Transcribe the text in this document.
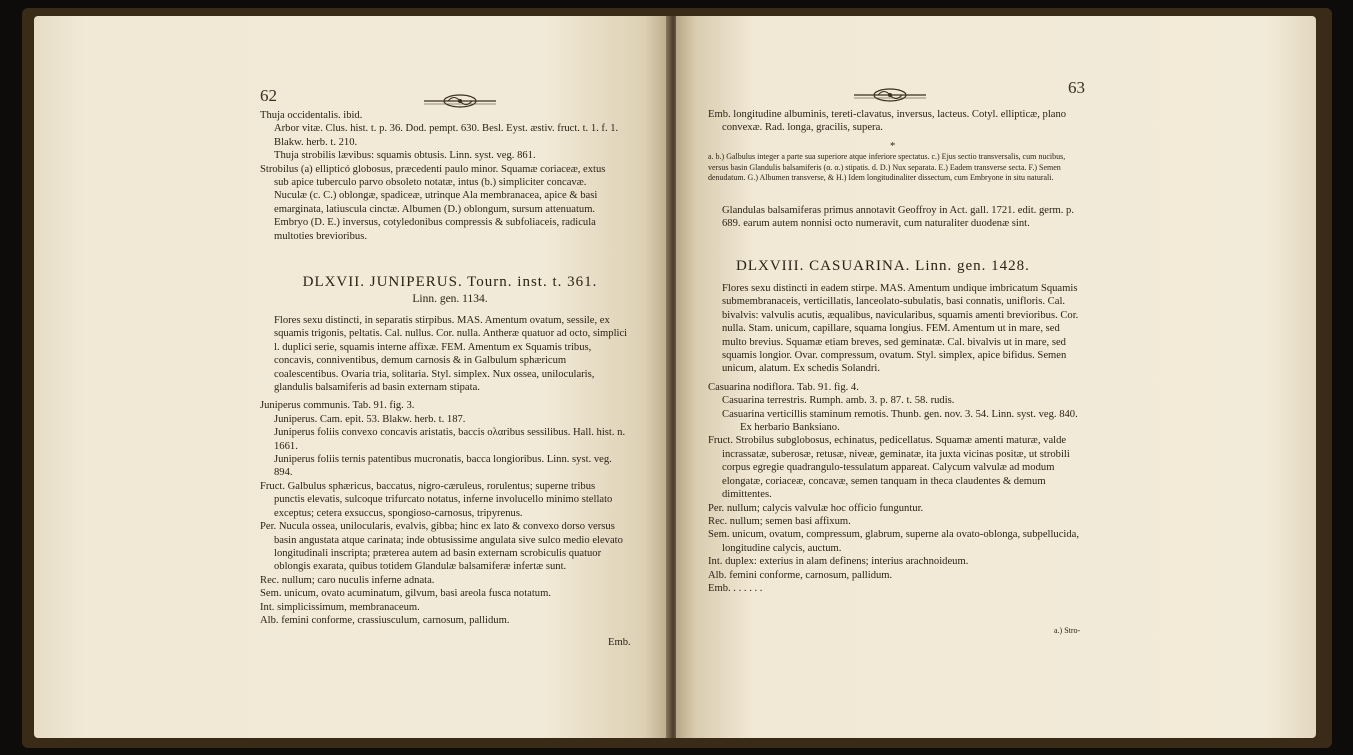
62

Thuja occidentalis. ibid.

Arbor vitæ. Clus. hist. t. p. 36. Dod. pempt. 630. Besl. Eyst. æstiv. fruct. t. 1. f. 1. Blakw. herb. t. 210.

Thuja strobilis lævibus: squamis obtusis. Linn. syst. veg. 861.

Strobilus (a) ellipticó globosus, præcedenti paulo minor. Squamæ coriaceæ, extus sub apice tuberculo parvo obsoleto notatæ, intus (b.) simpliciter concavæ. Nuculæ (c. C.) oblongæ, spadiceæ, utrinque Ala membranacea, apice & basi emarginata, latiuscula cinctæ. Albumen (D.) oblongum, sursum attenuatum. Embryo (D. E.) inversus, cotyledonibus compressis & subfoliaceis, radicula multoties brevioribus.

DLXVII. JUNIPERUS. Tourn. inst. t. 361.
Linn. gen. 1134.

Flores sexu distincti, in separatis stirpibus. MAS. Amentum ovatum, sessile, ex squamis trigonis, peltatis. Cal. nullus. Cor. nulla. Antheræ quatuor ad octo, simplici l. duplici serie, squamis interne affixæ. FEM. Amentum ex Squamis tribus, concavis, conniventibus, demum carnosis & in Galbulum sphæricum coalescentibus. Ovaria tria, solitaria. Styl. simplex. Nux ossea, unilocularis, glandulis balsamiferis ad basin externam stipata.

Juniperus communis. Tab. 91. fig. 3.

Juniperus. Cam. epit. 53. Blakw. herb. t. 187.

Juniperus foliis convexo concavis aristatis, baccis ολαribus sessilibus. Hall. hist. n. 1661.

Juniperus foliis ternis patentibus mucronatis, bacca longioribus. Linn. syst. veg. 894.

Fruct. Galbulus sphæricus, baccatus, nigro-cæruleus, rorulentus; superne tribus punctis elevatis, sulcoque trifurcato notatus, inferne involucello minimo stellato exceptus; cetera exsuccus, spongioso-carnosus, tripyrenus.

Per. Nucula ossea, unilocularis, evalvis, gibba; hinc ex lato & convexo dorso versus basin angustata atque carinata; inde obtusissime angulata sive sulco medio elevato longitudinali inscripta; præterea autem ad basin externam scrobiculis quatuor oblongis exarata, quibus totidem Glandulæ balsamiferæ infertæ sunt.

Rec. nullum; caro nuculis inferne adnata.

Sem. unicum, ovato acuminatum, gilvum, basi areola fusca notatum.

Int. simplicissimum, membranaceum.

Alb. femini conforme, crassiusculum, carnosum, pallidum.

Emb.
63

Emb. longitudine albuminis, tereti-clavatus, inversus, lacteus. Cotyl. ellipticæ, plano convexæ. Rad. longa, gracilis, supera.

*
a. b.) Galbulus integer a parte sua superiore atque inferiore spectatus. c.) Ejus sectio transversalis, cum nucibus, versus basin Glandulis balsamiferis (α. α.) stipatis. d. D.) Nux separata. E.) Eadem transverse secta. F.) Semen denudatum. G.) Albumen transverse, & H.) Idem longitudinaliter dissectum, cum Embryone in situ naturali.

Glandulas balsamiferas primus annotavit Geoffroy in Act. gall. 1721. edit. germ. p. 689. earum autem nonnisi octo numeravit, cum naturaliter duodenæ sint.

DLXVIII. CASUARINA. Linn. gen. 1428.

Flores sexu distincti in eadem stirpe. MAS. Amentum undique imbricatum Squamis submembranaceis, verticillatis, lanceolato-subulatis, basi connatis, unifloris. Cal. bivalvis: valvulis acutis, æqualibus, navicularibus, squamis amenti brevioribus. Cor. nulla. Stam. unicum, capillare, squama longius. FEM. Amentum ut in mare, sed multo brevius. Squamæ etiam breves, sed geminatæ. Cal. bivalvis ut in mare, sed squamis longior. Ovar. compressum, ovatum. Styl. simplex, apice bifidus. Semen unicum, alatum. Ex schedis Solandri.

Casuarina nodiflora. Tab. 91. fig. 4.

Casuarina terrestris. Rumph. amb. 3. p. 87. t. 58. rudis.

Casuarina verticillis staminum remotis. Thunb. gen. nov. 3. 54. Linn. syst. veg. 840.

Ex herbario Banksiano.

Fruct. Strobilus subglobosus, echinatus, pedicellatus. Squamæ amenti maturæ, valde incrassatæ, suberosæ, retusæ, niveæ, geminatæ, ita juxta vicinas positæ, ut strobili corpus egregie quadrangulo-tessulatum appareat. Calycum valvulæ ad modum elongatæ, coriaceæ, concavæ, semen tanquam in theca claudentes & demum dimittentes.

Per. nullum; calycis valvulæ hoc officio funguntur.

Rec. nullum; semen basi affixum.

Sem. unicum, ovatum, compressum, glabrum, superne ala ovato-oblonga, subpellucida, longitudine calycis, auctum.

Int. duplex: exterius in alam definens; interius arachnoideum.

Alb. femini conforme, carnosum, pallidum.

Emb. . . . . . .

a.) Stro-
